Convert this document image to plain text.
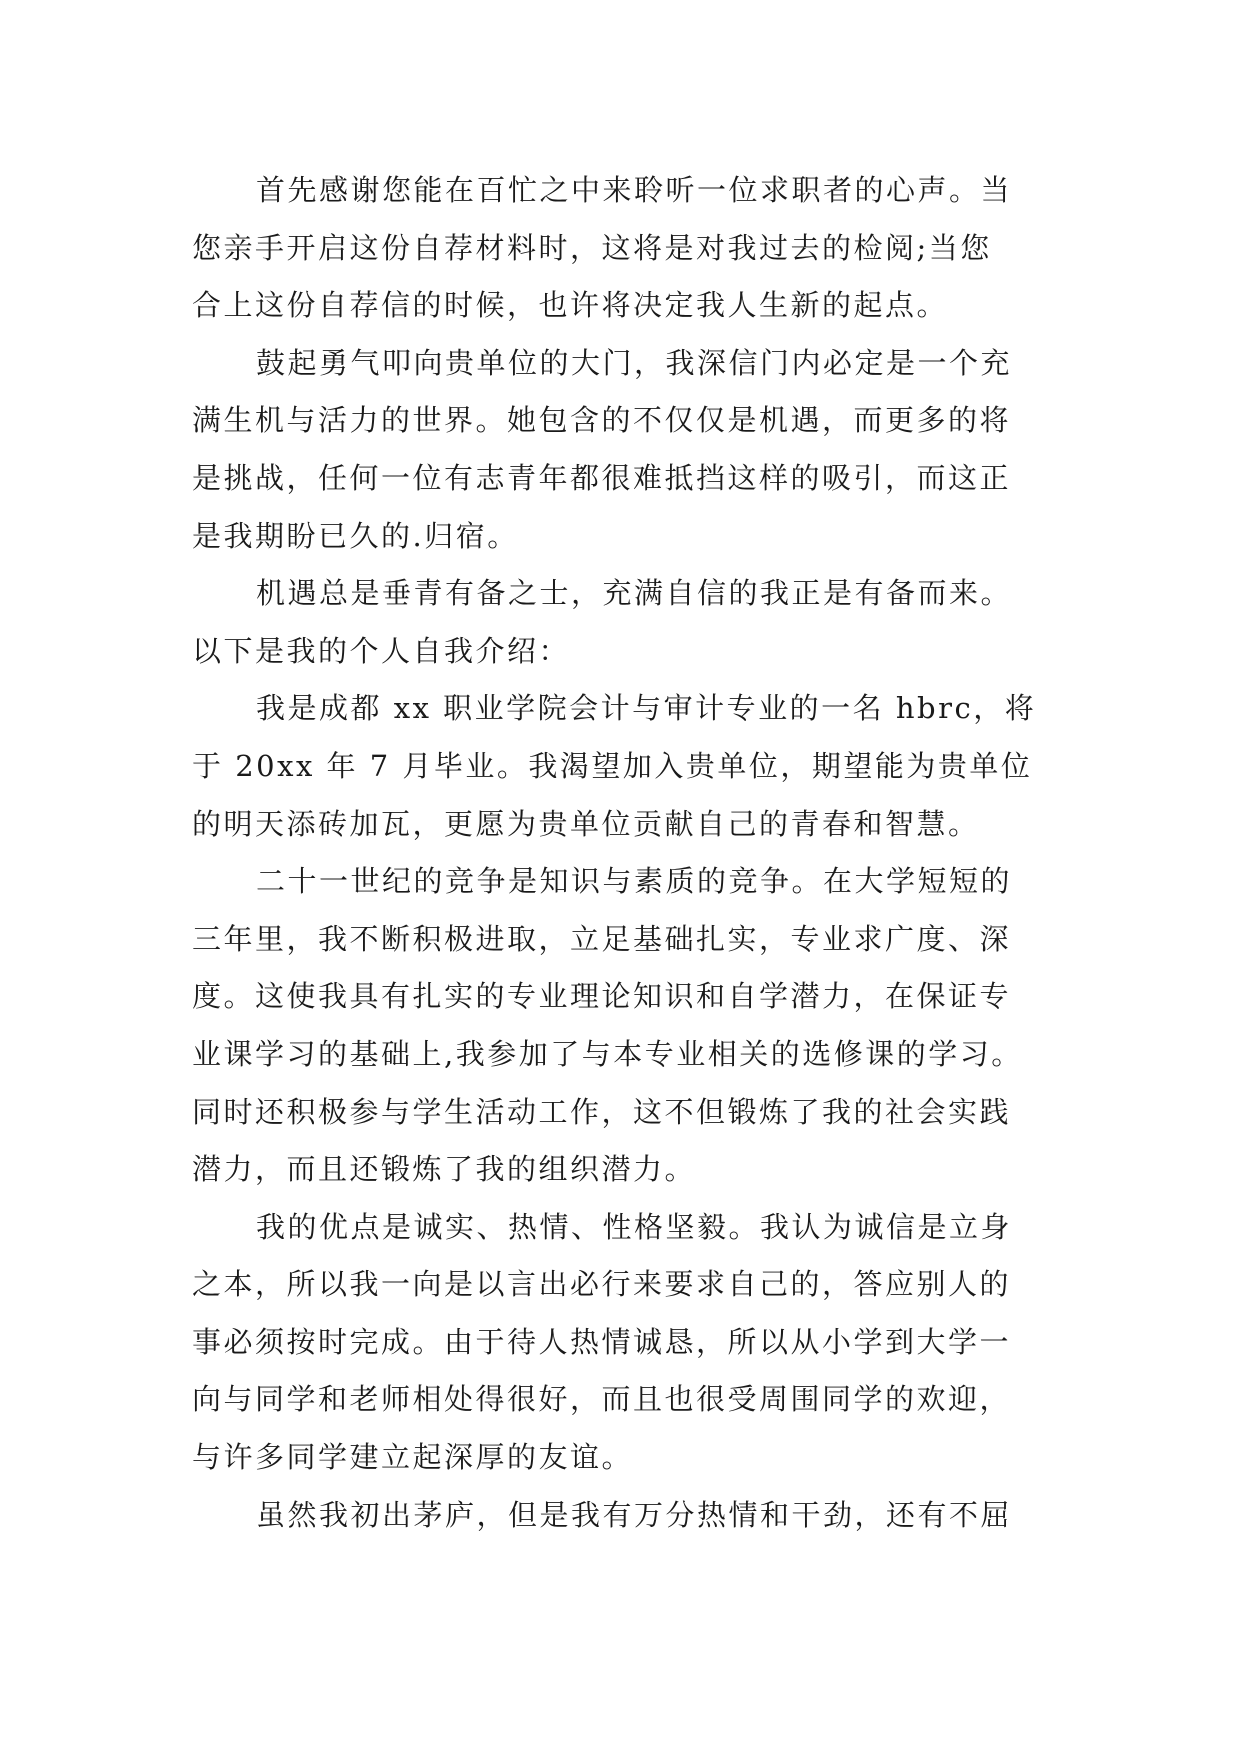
首先感谢您能在百忙之中来聆听一位求职者的心声。当
您亲手开启这份自荐材料时，这将是对我过去的检阅;当您
合上这份自荐信的时候，也许将决定我人生新的起点。
鼓起勇气叩向贵单位的大门，我深信门内必定是一个充
满生机与活力的世界。她包含的不仅仅是机遇，而更多的将
是挑战，任何一位有志青年都很难抵挡这样的吸引，而这正
是我期盼已久的.归宿。
机遇总是垂青有备之士，充满自信的我正是有备而来。
以下是我的个人自我介绍：
我是成都 xx 职业学院会计与审计专业的一名 hbrc，将
于 20xx 年 7 月毕业。我渴望加入贵单位，期望能为贵单位
的明天添砖加瓦，更愿为贵单位贡献自己的青春和智慧。
二十一世纪的竞争是知识与素质的竞争。在大学短短的
三年里，我不断积极进取，立足基础扎实，专业求广度、深
度。这使我具有扎实的专业理论知识和自学潜力，在保证专
业课学习的基础上,我参加了与本专业相关的选修课的学习。
同时还积极参与学生活动工作，这不但锻炼了我的社会实践
潜力，而且还锻炼了我的组织潜力。
我的优点是诚实、热情、性格坚毅。我认为诚信是立身
之本，所以我一向是以言出必行来要求自己的，答应别人的
事必须按时完成。由于待人热情诚恳，所以从小学到大学一
向与同学和老师相处得很好，而且也很受周围同学的欢迎，
与许多同学建立起深厚的友谊。
虽然我初出茅庐，但是我有万分热情和干劲，还有不屈
